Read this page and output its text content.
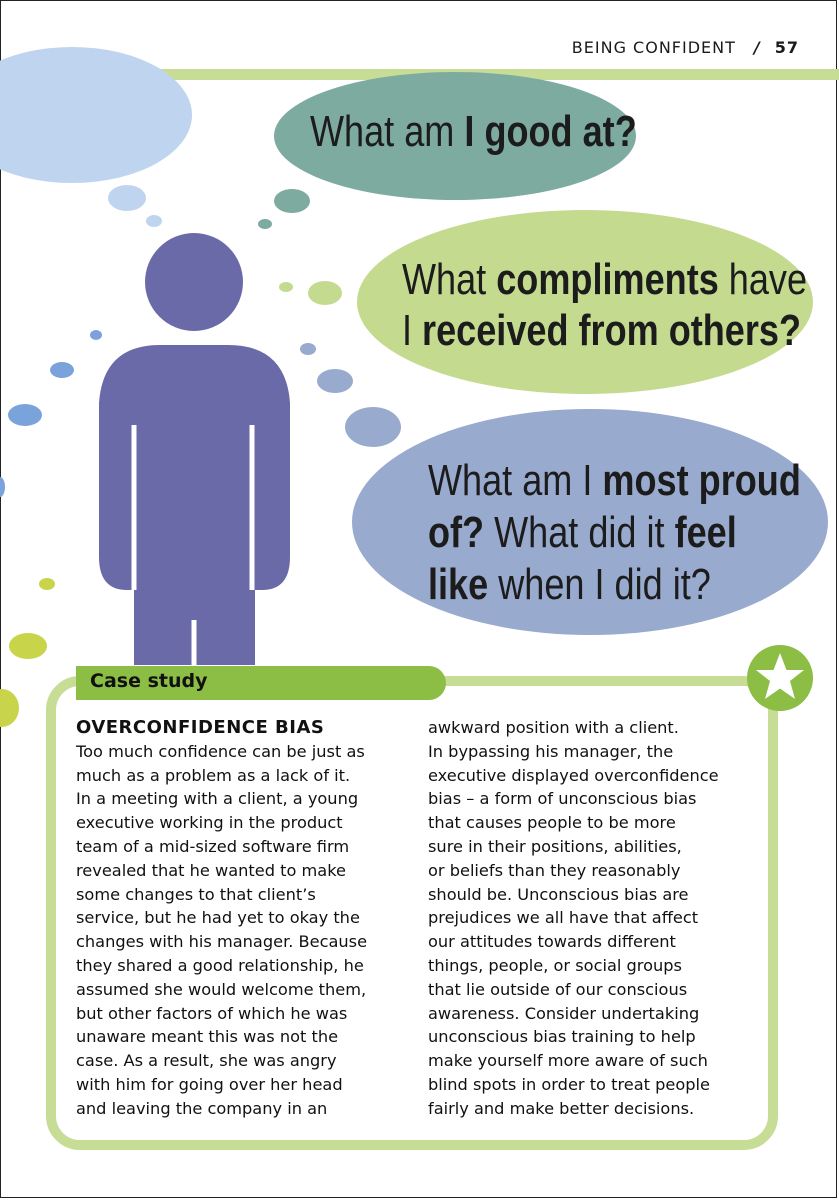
BEING CONFIDENT / 57
What am I good at?
What compliments have
I received from others?
What am I most proud
of? What did it feel
like when I did it?
Case study
OVERCONFIDENCE BIAS
Too much confidence can be just as
much as a problem as a lack of it.
In a meeting with a client, a young
executive working in the product
team of a mid-sized software firm
revealed that he wanted to make
some changes to that client’s
service, but he had yet to okay the
changes with his manager. Because
they shared a good relationship, he
assumed she would welcome them,
but other factors of which he was
unaware meant this was not the
case. As a result, she was angry
with him for going over her head
and leaving the company in an
awkward position with a client.
In bypassing his manager, the
executive displayed overconfidence
bias – a form of unconscious bias
that causes people to be more
sure in their positions, abilities,
or beliefs than they reasonably
should be. Unconscious bias are
prejudices we all have that affect
our attitudes towards different
things, people, or social groups
that lie outside of our conscious
awareness. Consider undertaking
unconscious bias training to help
make yourself more aware of such
blind spots in order to treat people
fairly and make better decisions.
